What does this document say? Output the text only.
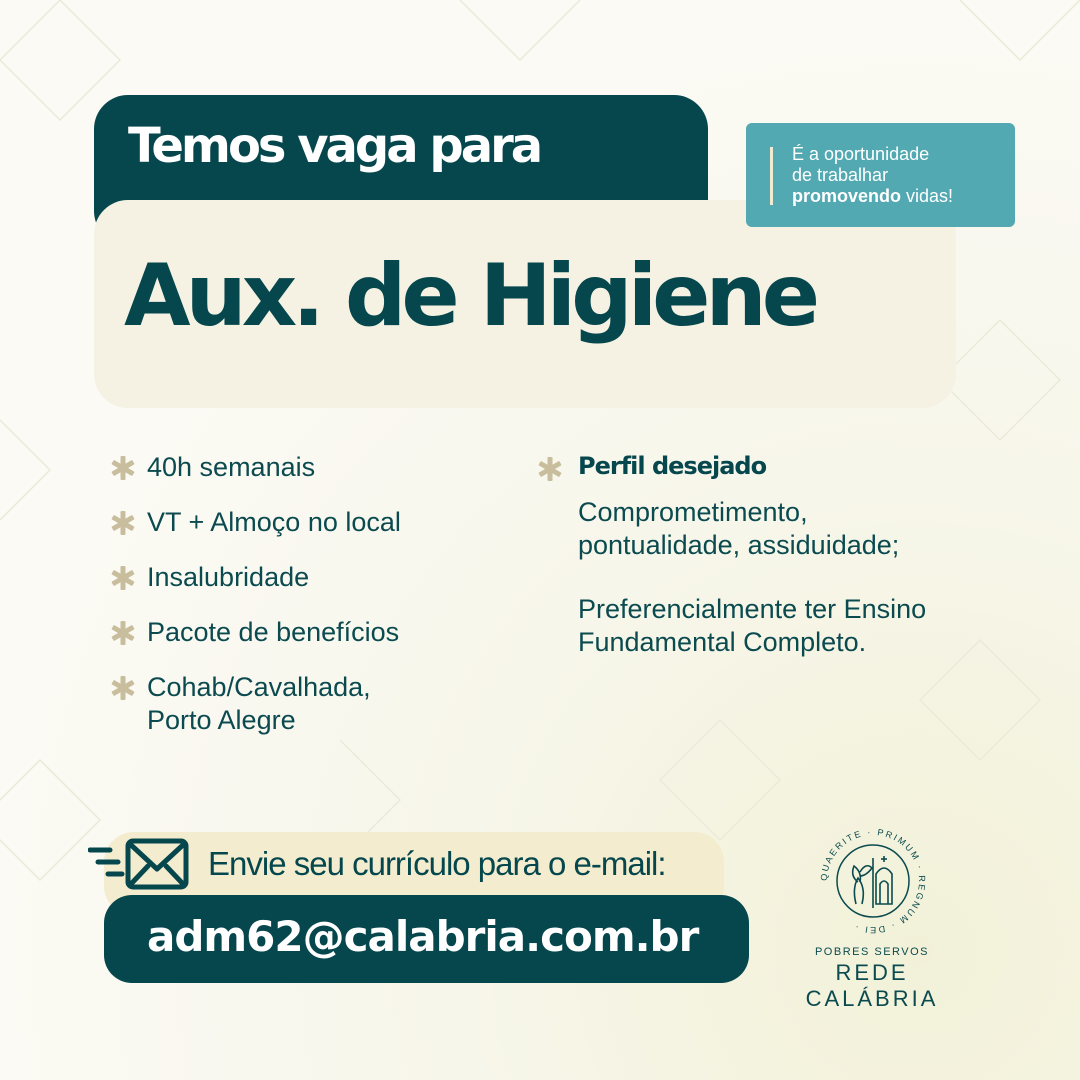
Temos vaga para
Aux. de Higiene
É a oportunidade
de trabalhar
promovendo vidas!
40h semanais
VT + Almoço no local
Insalubridade
Pacote de benefícios
Cohab/Cavalhada,
Porto Alegre
Perfil desejado
Comprometimento,
pontualidade, assiduidade;
Preferencialmente ter Ensino
Fundamental Completo.
Envie seu currículo para o e-mail:
adm62@calabria.com.br
QUAERITE · PRIMUM · REGNUM · DEI ·
POBRES SERVOS
REDE CALÁBRIA
